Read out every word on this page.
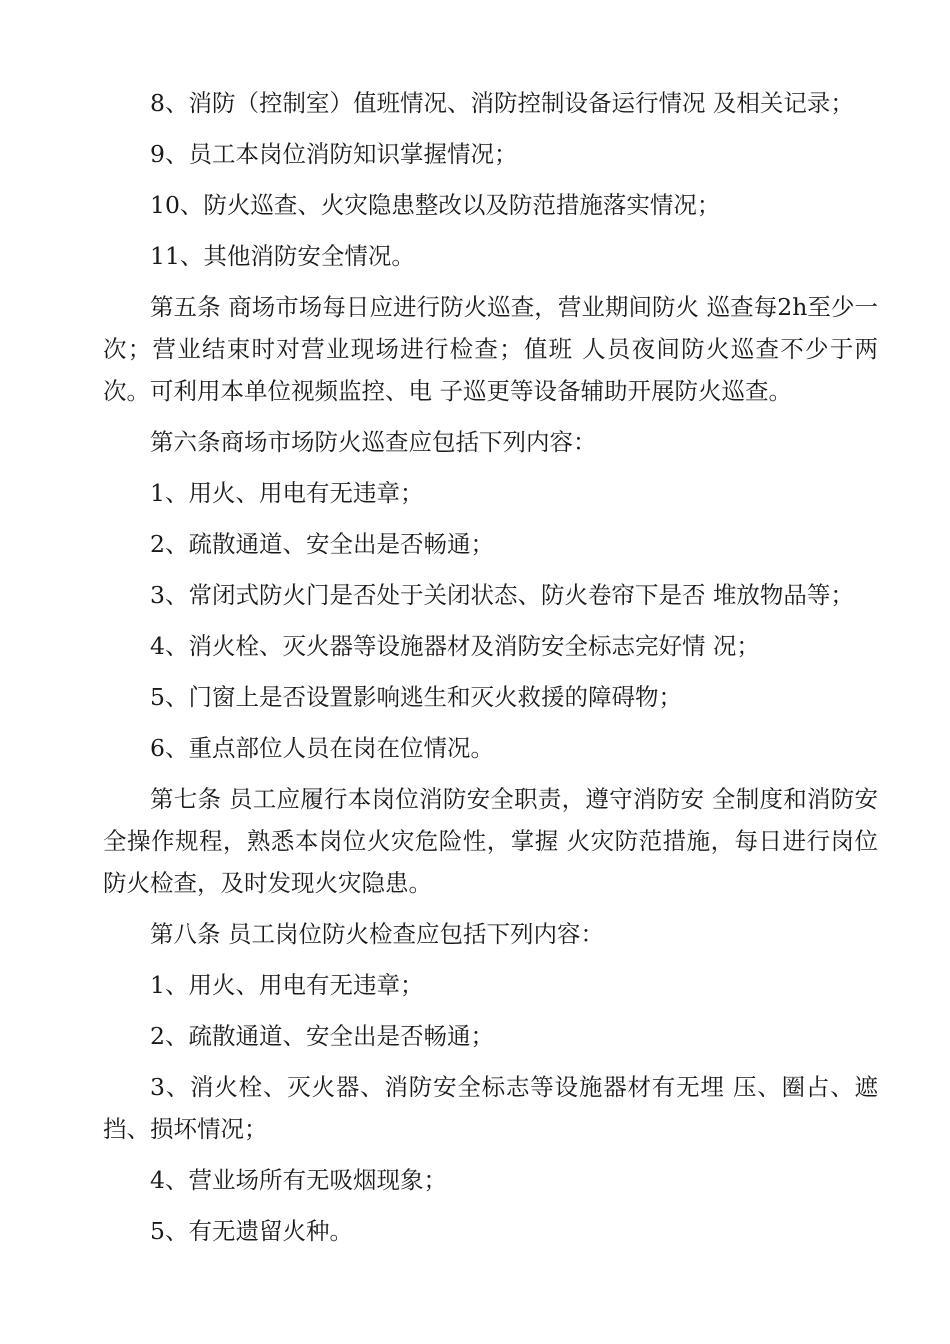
8、消防（控制室）值班情况、消防控制设备运行情况 及相关记录；

9、员工本岗位消防知识掌握情况；

10、防火巡查、火灾隐患整改以及防范措施落实情况；

11、其他消防安全情况。

第五条 商场市场每日应进行防火巡查，营业期间防火 巡查每2h至少一次；营业结束时对营业现场进行检查；值班 人员夜间防火巡查不少于两次。可利用本单位视频监控、电 子巡更等设备辅助开展防火巡查。

第六条商场市场防火巡查应包括下列内容：

1、用火、用电有无违章；

2、疏散通道、安全出是否畅通；

3、常闭式防火门是否处于关闭状态、防火卷帘下是否 堆放物品等；

4、消火栓、灭火器等设施器材及消防安全标志完好情 况；

5、门窗上是否设置影响逃生和灭火救援的障碍物；

6、重点部位人员在岗在位情况。

第七条 员工应履行本岗位消防安全职责，遵守消防安 全制度和消防安全操作规程，熟悉本岗位火灾危险性，掌握 火灾防范措施，每日进行岗位防火检查，及时发现火灾隐患。

第八条 员工岗位防火检查应包括下列内容：

1、用火、用电有无违章；

2、疏散通道、安全出是否畅通；

3、消火栓、灭火器、消防安全标志等设施器材有无埋 压、圈占、遮挡、损坏情况；

4、营业场所有无吸烟现象；

5、有无遗留火种。
